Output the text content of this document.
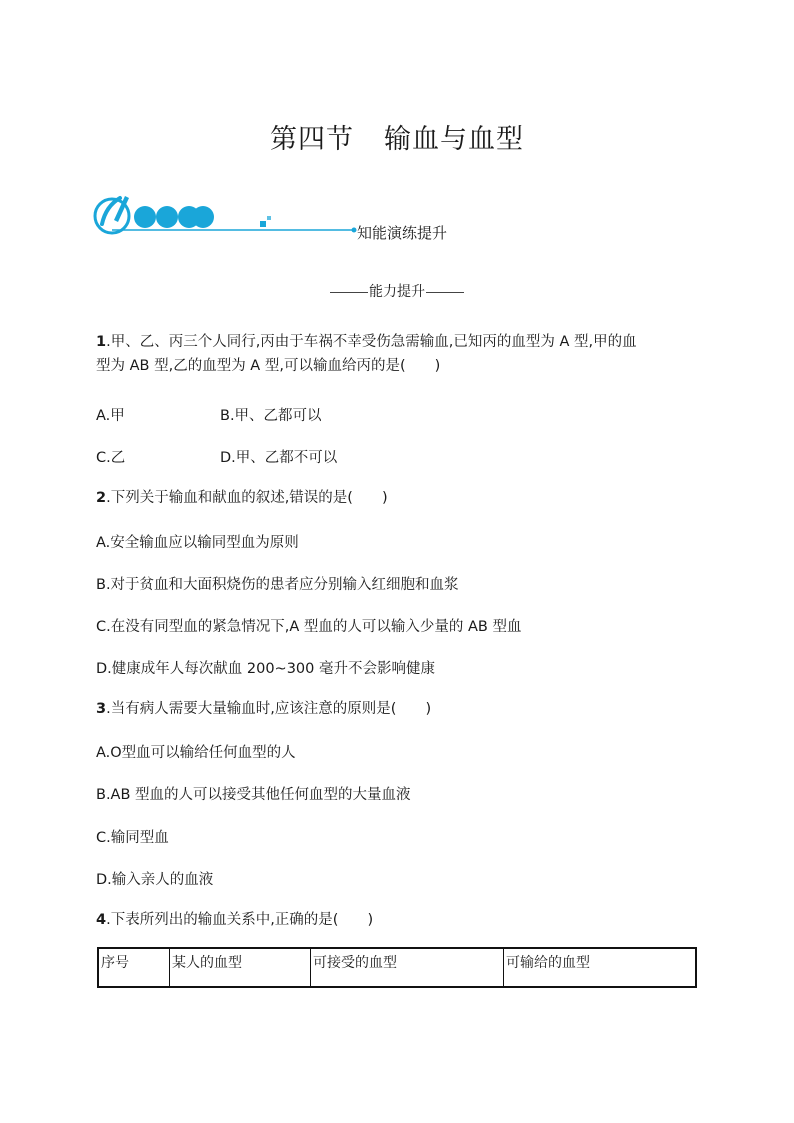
第四节 输血与血型
知能演练提升
能力提升
1.甲、乙、丙三个人同行,丙由于车祸不幸受伤急需输血,已知丙的血型为 A 型,甲的血
型为 AB 型,乙的血型为 A 型,可以输血给丙的是(　　)
A.甲	B.甲、乙都可以
C.乙	D.甲、乙都不可以
2.下列关于输血和献血的叙述,错误的是(　　)
A.安全输血应以输同型血为原则
B.对于贫血和大面积烧伤的患者应分别输入红细胞和血浆
C.在没有同型血的紧急情况下,A 型血的人可以输入少量的 AB 型血
D.健康成年人每次献血 200~300 毫升不会影响健康
3.当有病人需要大量输血时,应该注意的原则是(　　)
A.O型血可以输给任何血型的人
B.AB 型血的人可以接受其他任何血型的大量血液
C.输同型血
D.输入亲人的血液
4.下表所列出的输血关系中,正确的是(　　)
序号	某人的血型	可接受的血型	可输给的血型
